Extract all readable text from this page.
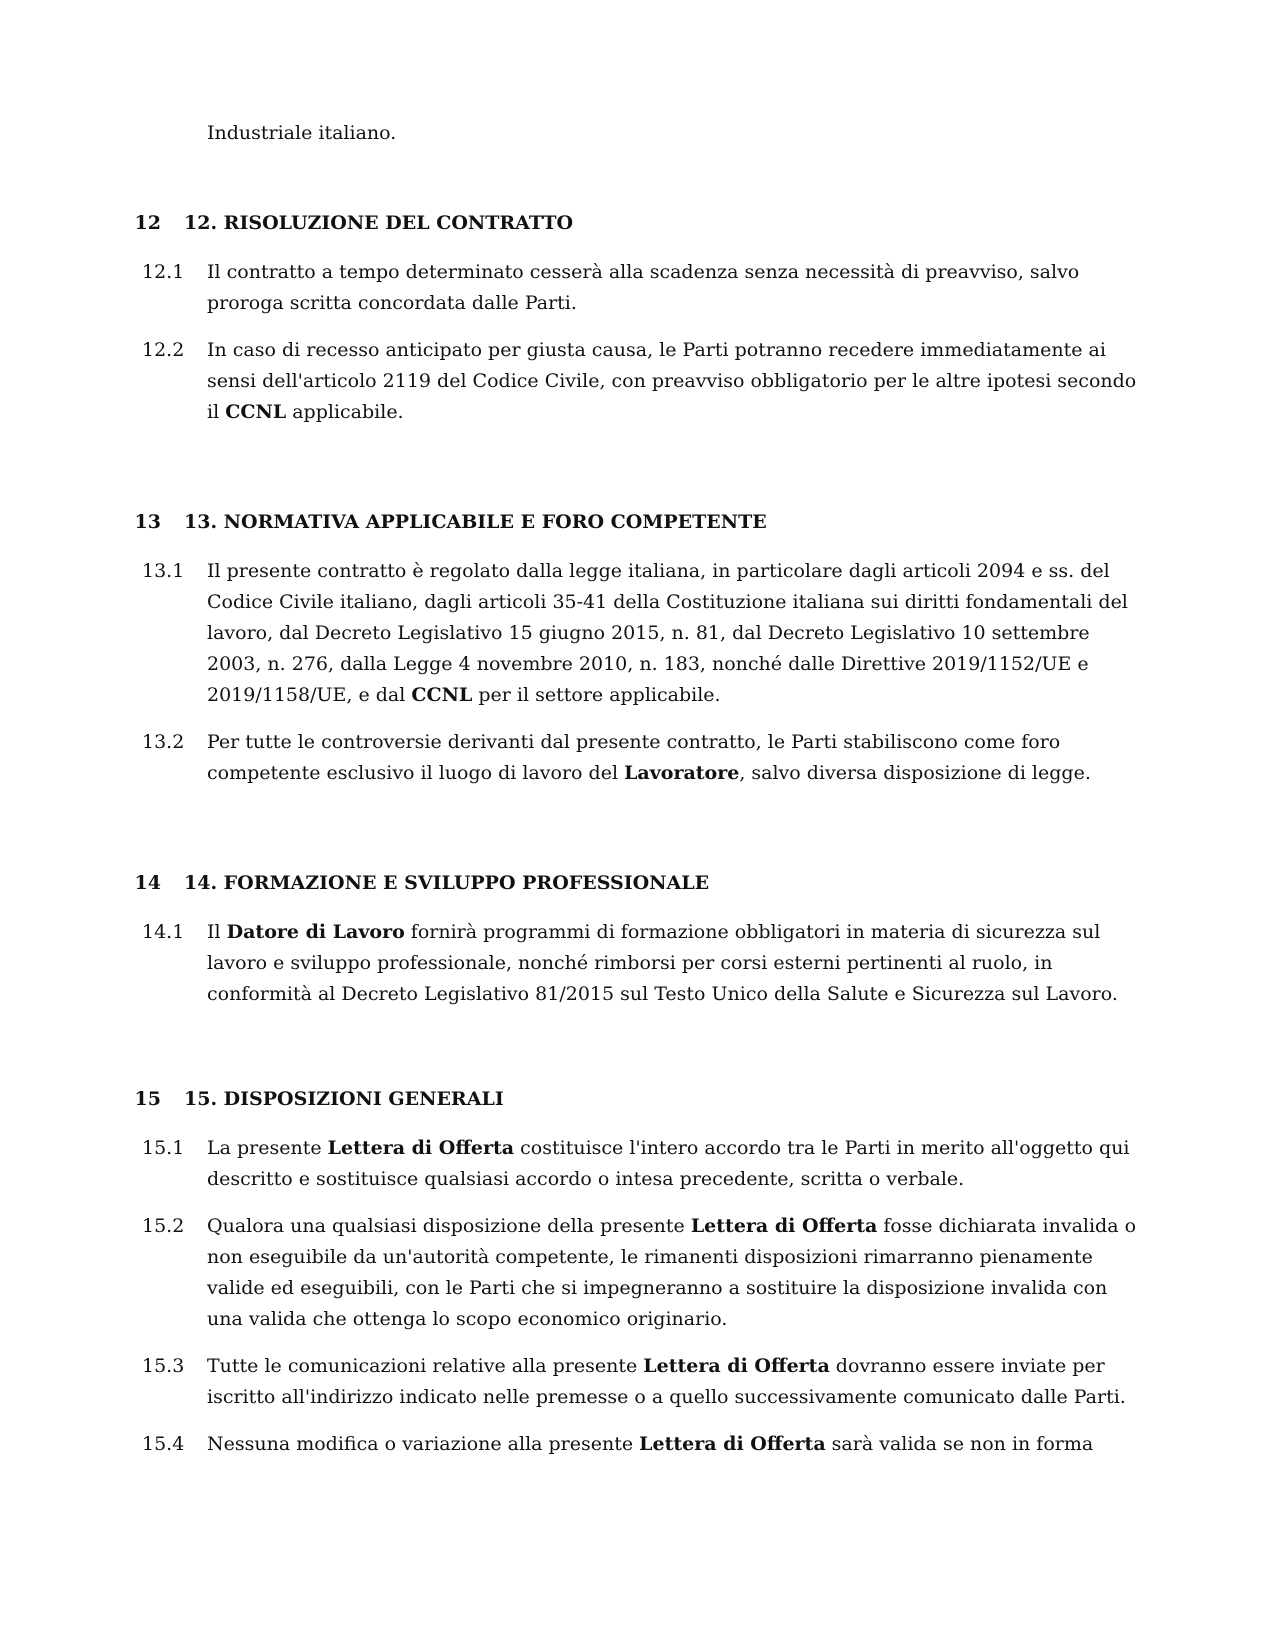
Industriale italiano.

12	12. RISOLUZIONE DEL CONTRATTO
12.1	Il contratto a tempo determinato cesserà alla scadenza senza necessità di preavviso, salvo proroga scritta concordata dalle Parti.
12.2	In caso di recesso anticipato per giusta causa, le Parti potranno recedere immediatamente ai sensi dell'articolo 2119 del Codice Civile, con preavviso obbligatorio per le altre ipotesi secondo il CCNL applicabile.
13	13. NORMATIVA APPLICABILE E FORO COMPETENTE
13.1	Il presente contratto è regolato dalla legge italiana, in particolare dagli articoli 2094 e ss. del Codice Civile italiano, dagli articoli 35-41 della Costituzione italiana sui diritti fondamentali del lavoro, dal Decreto Legislativo 15 giugno 2015, n. 81, dal Decreto Legislativo 10 settembre 2003, n. 276, dalla Legge 4 novembre 2010, n. 183, nonché dalle Direttive 2019/1152/UE e 2019/1158/UE, e dal CCNL per il settore applicabile.
13.2	Per tutte le controversie derivanti dal presente contratto, le Parti stabiliscono come foro competente esclusivo il luogo di lavoro del Lavoratore, salvo diversa disposizione di legge.
14	14. FORMAZIONE E SVILUPPO PROFESSIONALE
14.1	Il Datore di Lavoro fornirà programmi di formazione obbligatori in materia di sicurezza sul lavoro e sviluppo professionale, nonché rimborsi per corsi esterni pertinenti al ruolo, in conformità al Decreto Legislativo 81/2015 sul Testo Unico della Salute e Sicurezza sul Lavoro.
15	15. DISPOSIZIONI GENERALI
15.1	La presente Lettera di Offerta costituisce l'intero accordo tra le Parti in merito all'oggetto qui descritto e sostituisce qualsiasi accordo o intesa precedente, scritta o verbale.
15.2	Qualora una qualsiasi disposizione della presente Lettera di Offerta fosse dichiarata invalida o non eseguibile da un'autorità competente, le rimanenti disposizioni rimarranno pienamente valide ed eseguibili, con le Parti che si impegneranno a sostituire la disposizione invalida con una valida che ottenga lo scopo economico originario.
15.3	Tutte le comunicazioni relative alla presente Lettera di Offerta dovranno essere inviate per iscritto all'indirizzo indicato nelle premesse o a quello successivamente comunicato dalle Parti.
15.4	Nessuna modifica o variazione alla presente Lettera di Offerta sarà valida se non in forma
